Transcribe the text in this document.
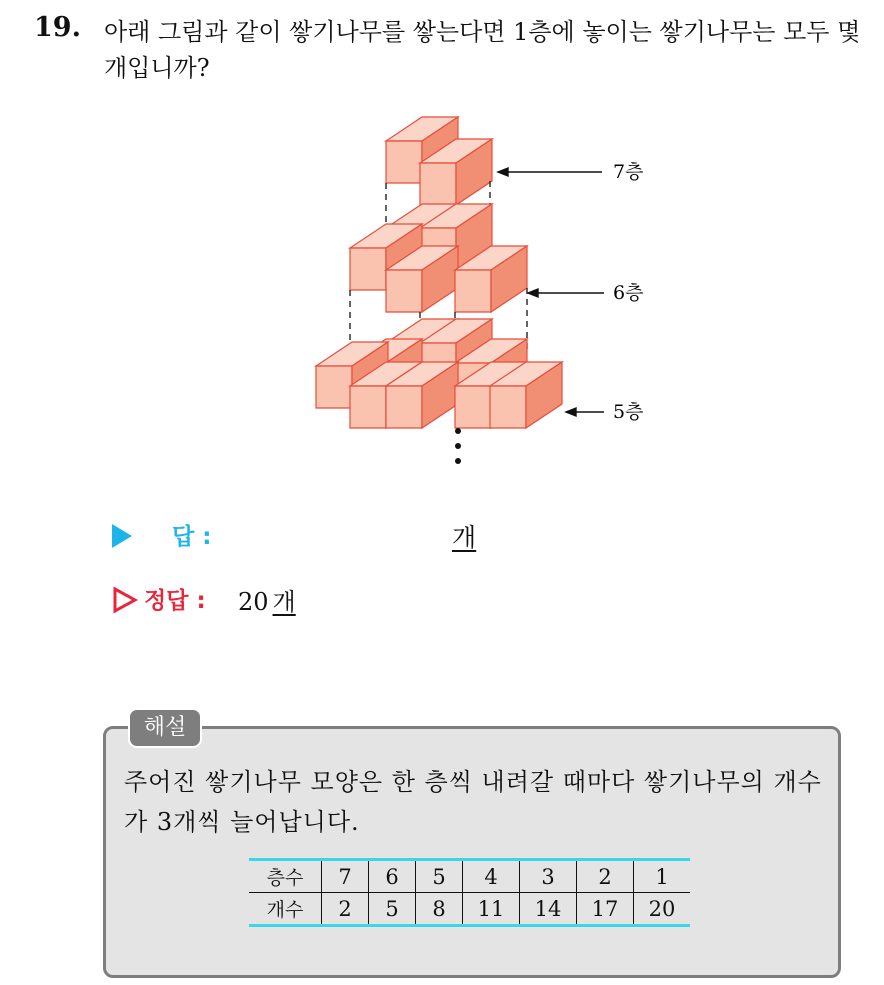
19. 아래 그림과 같이 쌓기나무를 쌓는다면 1층에 놓이는 쌓기나무는 모두 몇 개입니까?
7층
6층
5층
답 :	개
정답 : 20 개
해설
주어진 쌓기나무 모양은 한 층씩 내려갈 때마다 쌓기나무의 개수가 3개씩 늘어납니다.
층수	7	6	5	4	3	2	1
개수	2	5	8	11	14	17	20
